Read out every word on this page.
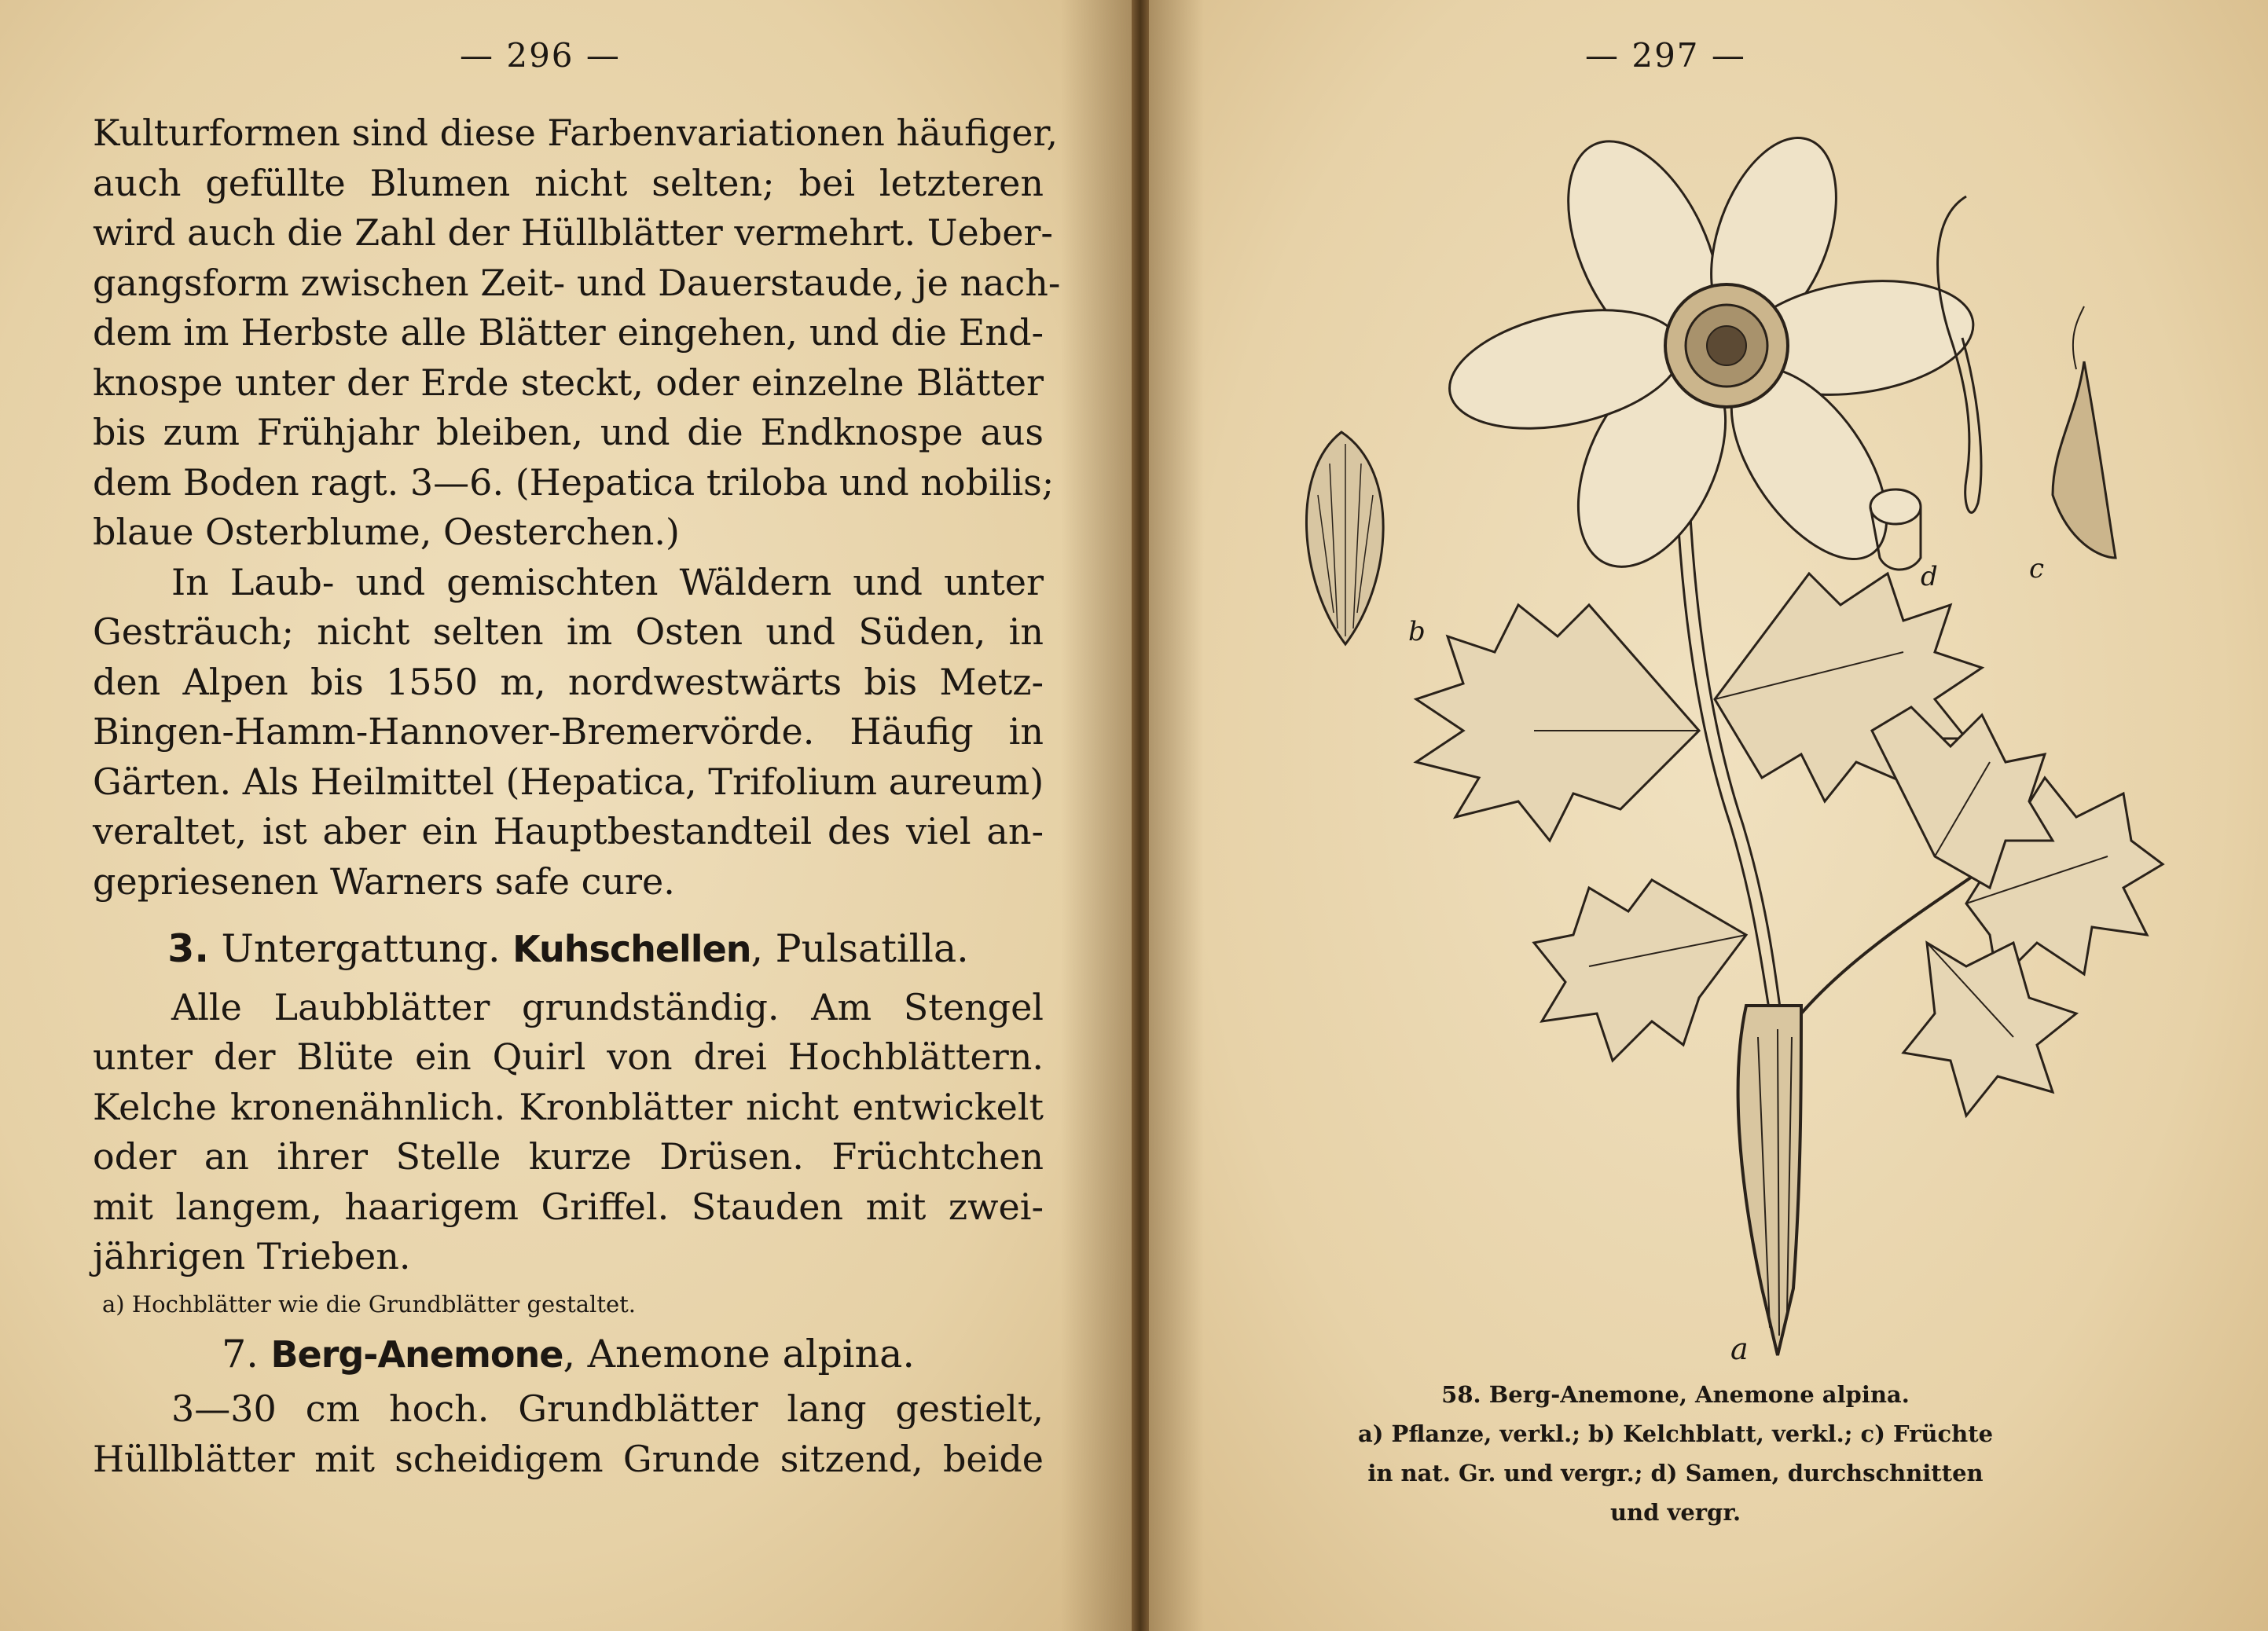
— 296 —
Kulturformen sind diese Farbenvariationen häufiger,
auch gefüllte Blumen nicht selten; bei letzteren
wird auch die Zahl der Hüllblätter vermehrt. Ueber-
gangsform zwischen Zeit- und Dauerstaude, je nach-
dem im Herbste alle Blätter eingehen, und die End-
knospe unter der Erde steckt, oder einzelne Blätter
bis zum Frühjahr bleiben, und die Endknospe aus
dem Boden ragt. 3—6. (Hepatica triloba und nobilis;
blaue Osterblume, Oesterchen.)
In Laub- und gemischten Wäldern und unter
Gesträuch; nicht selten im Osten und Süden, in
den Alpen bis 1550 m, nordwestwärts bis Metz-
Bingen-Hamm-Hannover-Bremervörde. Häufig in
Gärten. Als Heilmittel (Hepatica, Trifolium aureum)
veraltet, ist aber ein Hauptbestandteil des viel an-
gepriesenen Warners safe cure.
3. Untergattung. Kuhschellen, Pulsatilla.
Alle Laubblätter grundständig. Am Stengel
unter der Blüte ein Quirl von drei Hochblättern.
Kelche kronenähnlich. Kronblätter nicht entwickelt
oder an ihrer Stelle kurze Drüsen. Früchtchen
mit langem, haarigem Griffel. Stauden mit zwei-
jährigen Trieben.
a) Hochblätter wie die Grundblätter gestaltet.
7. Berg-Anemone, Anemone alpina.
3—30 cm hoch. Grundblätter lang gestielt,
Hüllblätter mit scheidigem Grunde sitzend, beide
— 297 —
b
d	c
a
58. Berg-Anemone, Anemone alpina.
a) Pflanze, verkl.; b) Kelchblatt, verkl.; c) Früchte
in nat. Gr. und vergr.; d) Samen, durchschnitten
und vergr.
